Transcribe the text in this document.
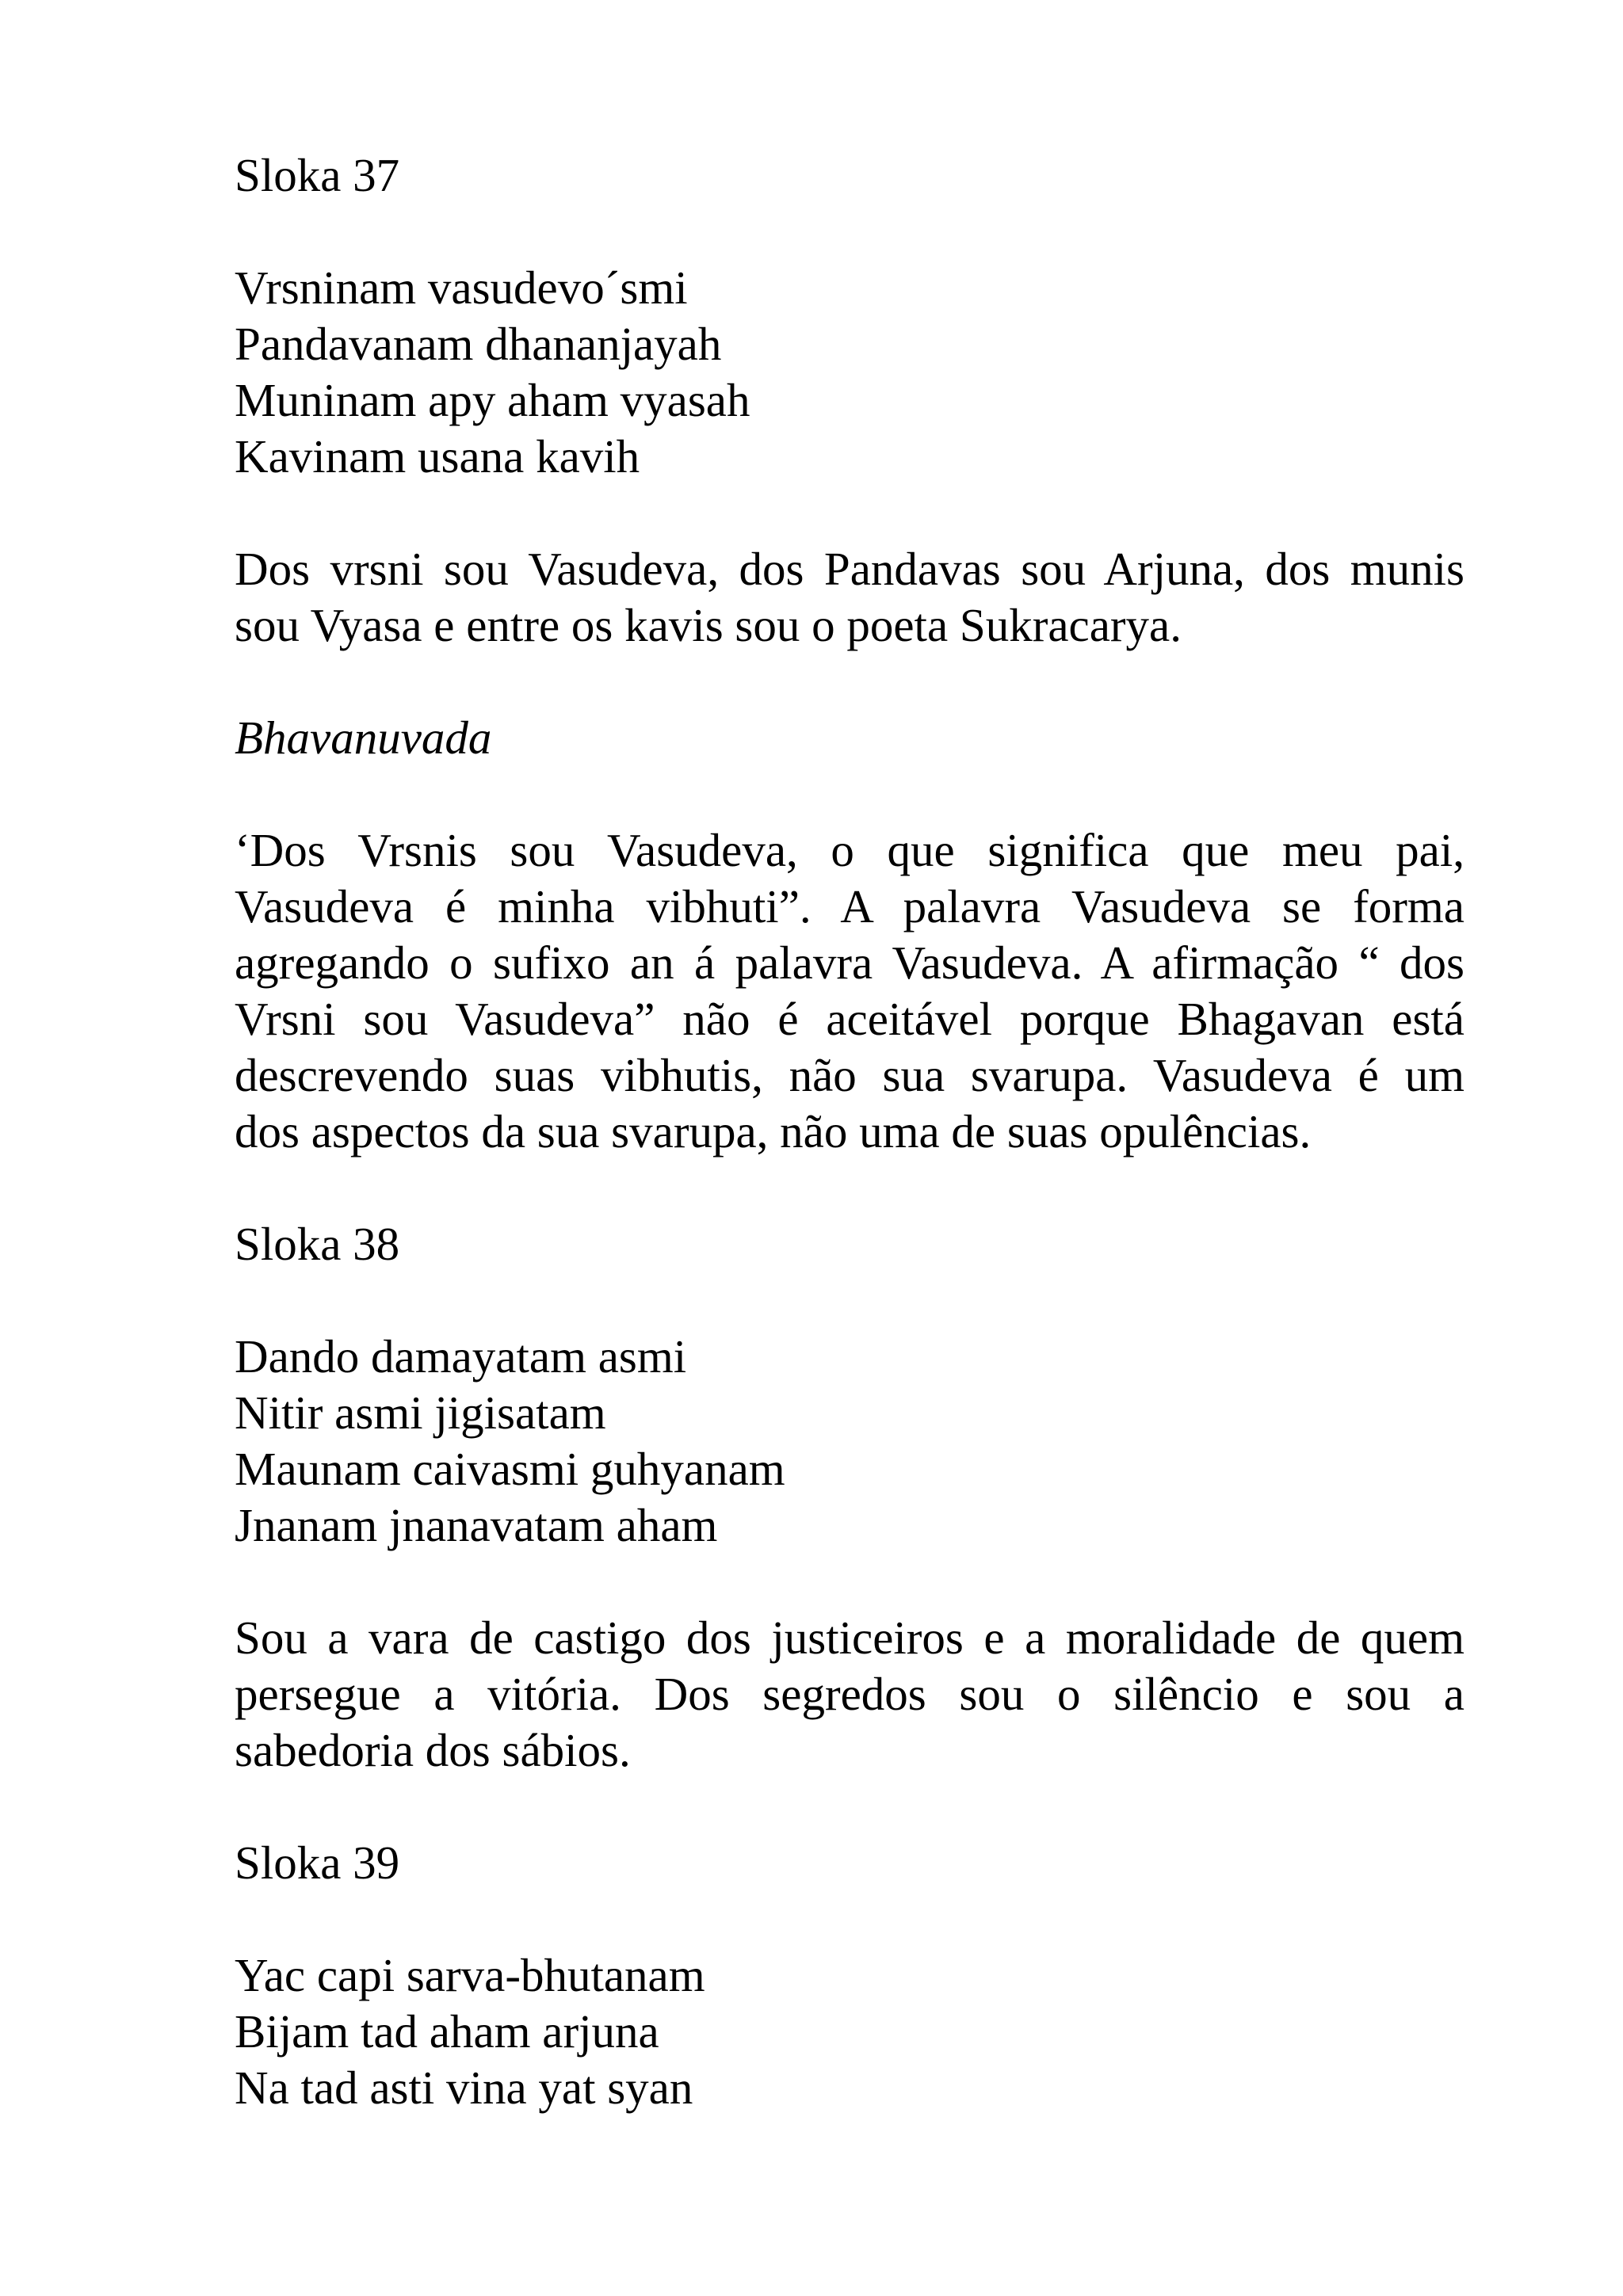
Sloka 37
Vrsninam vasudevo´smi
Pandavanam dhananjayah
Muninam apy aham vyasah
Kavinam usana kavih
Dos vrsni sou Vasudeva, dos Pandavas sou Arjuna, dos munis
sou Vyasa e entre os kavis sou o poeta Sukracarya.
Bhavanuvada
‘Dos Vrsnis sou Vasudeva, o que significa que meu pai,
Vasudeva é minha vibhuti”. A palavra Vasudeva se forma
agregando o sufixo an á palavra Vasudeva. A afirmação “ dos
Vrsni sou Vasudeva” não é aceitável porque Bhagavan está
descrevendo suas vibhutis, não sua svarupa. Vasudeva é um
dos aspectos da sua svarupa, não uma de suas opulências.
Sloka 38
Dando damayatam asmi
Nitir asmi jigisatam
Maunam caivasmi guhyanam
Jnanam jnanavatam aham
Sou a vara de castigo dos justiceiros e a moralidade de quem
persegue a vitória. Dos segredos sou o silêncio e sou a
sabedoria dos sábios.
Sloka 39
Yac capi sarva-bhutanam
Bijam tad aham arjuna
Na tad asti vina yat syan
